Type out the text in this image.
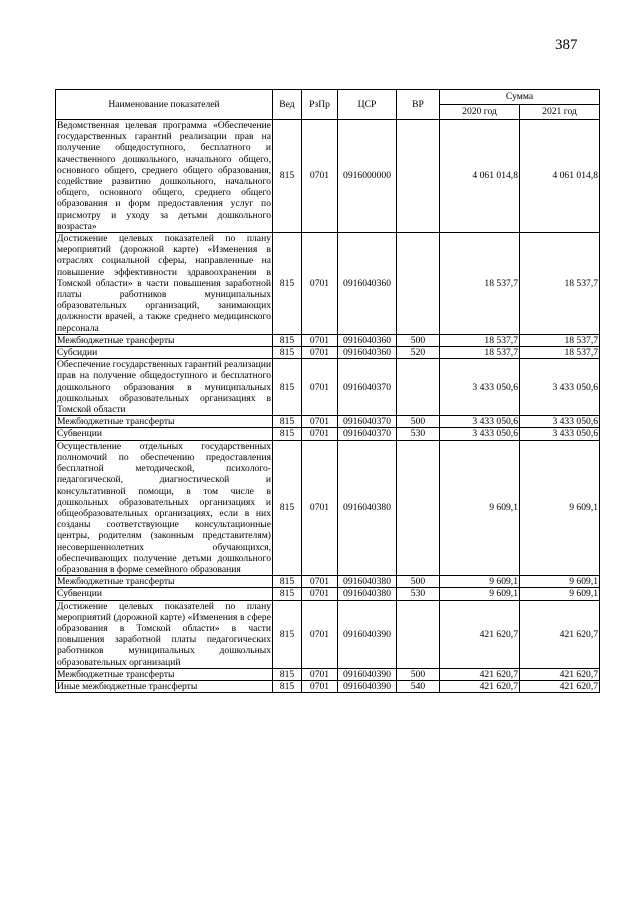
387
Наименование показателей	Вед	РзПр	ЦСР	ВР	Сумма	
					2020 год	2021 год
Ведомственная целевая программа «Обеспечение государственных гарантий реализации прав на получение общедоступного, бесплатного и качественного дошкольного, начального общего, основного общего, среднего общего образования, содействие развитию дошкольного, начального общего, основного общего, среднего общего образования и форм предоставления услуг по присмотру и уходу за детьми дошкольного возраста»	815	0701	0916000000		4 061 014,8	4 061 014,8
Достижение целевых показателей по плану мероприятий (дорожной карте) «Изменения в отраслях социальной сферы, направленные на повышение эффективности здравоохранения в Томской области» в части повышения заработной платы работников муниципальных образовательных организаций, занимающих должности врачей, а также среднего медицинского персонала	815	0701	0916040360		18 537,7	18 537,7
Межбюджетные трансферты	815	0701	0916040360	500	18 537,7	18 537,7
Субсидии	815	0701	0916040360	520	18 537,7	18 537,7
Обеспечение государственных гарантий реализации прав на получение общедоступного и бесплатного дошкольного образования в муниципальных дошкольных образовательных организациях в Томской области	815	0701	0916040370		3 433 050,6	3 433 050,6
Межбюджетные трансферты	815	0701	0916040370	500	3 433 050,6	3 433 050,6
Субвенции	815	0701	0916040370	530	3 433 050,6	3 433 050,6
Осуществление отдельных государственных полномочий по обеспечению предоставления бесплатной методической, психолого-педагогической, диагностической и консультативной помощи, в том числе в дошкольных образовательных организациях и общеобразовательных организациях, если в них созданы соответствующие консультационные центры, родителям (законным представителям) несовершеннолетних обучающихся, обеспечивающих получение детьми дошкольного образования в форме семейного образования	815	0701	0916040380		9 609,1	9 609,1
Межбюджетные трансферты	815	0701	0916040380	500	9 609,1	9 609,1
Субвенции	815	0701	0916040380	530	9 609,1	9 609,1
Достижение целевых показателей по плану мероприятий (дорожной карте) «Изменения в сфере образования в Томской области» в части повышения заработной платы педагогических работников муниципальных дошкольных образовательных организаций	815	0701	0916040390		421 620,7	421 620,7
Межбюджетные трансферты	815	0701	0916040390	500	421 620,7	421 620,7
Иные межбюджетные трансферты	815	0701	0916040390	540	421 620,7	421 620,7
